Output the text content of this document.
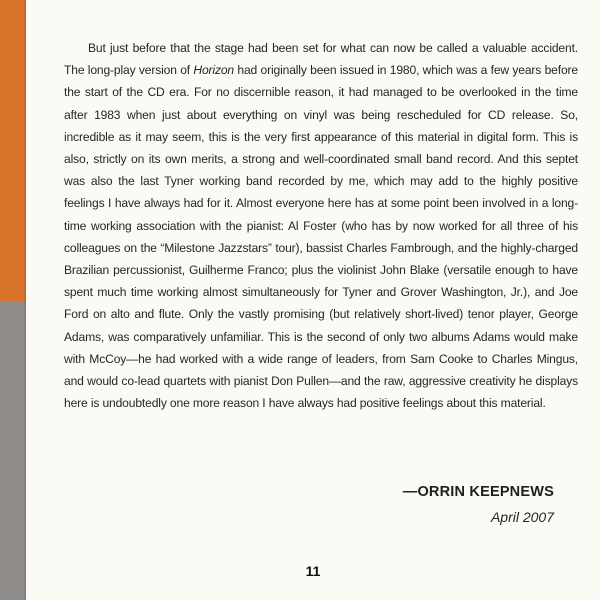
But just before that the stage had been set for what can now be called a valuable accident. The long-play version of Horizon had originally been issued in 1980, which was a few years before the start of the CD era. For no discernible reason, it had managed to be overlooked in the time after 1983 when just about everything on vinyl was being rescheduled for CD release. So, incredible as it may seem, this is the very first appearance of this material in digital form. This is also, strictly on its own merits, a strong and well-coordinated small band record. And this septet was also the last Tyner working band recorded by me, which may add to the highly positive feelings I have always had for it. Almost everyone here has at some point been involved in a long-time working association with the pianist: Al Foster (who has by now worked for all three of his colleagues on the “Milestone Jazzstars” tour), bassist Charles Fambrough, and the highly-charged Brazilian percussionist, Guilherme Franco; plus the violinist John Blake (versatile enough to have spent much time working almost simultaneously for Tyner and Grover Washington, Jr.), and Joe Ford on alto and flute. Only the vastly promising (but relatively short-lived) tenor player, George Adams, was comparatively unfamiliar. This is the second of only two albums Adams would make with McCoy—he had worked with a wide range of leaders, from Sam Cooke to Charles Mingus, and would co-lead quartets with pianist Don Pullen—and the raw, aggressive creativity he displays here is undoubtedly one more reason I have always had positive feelings about this material.

—ORRIN KEEPNEWS
April 2007
11
